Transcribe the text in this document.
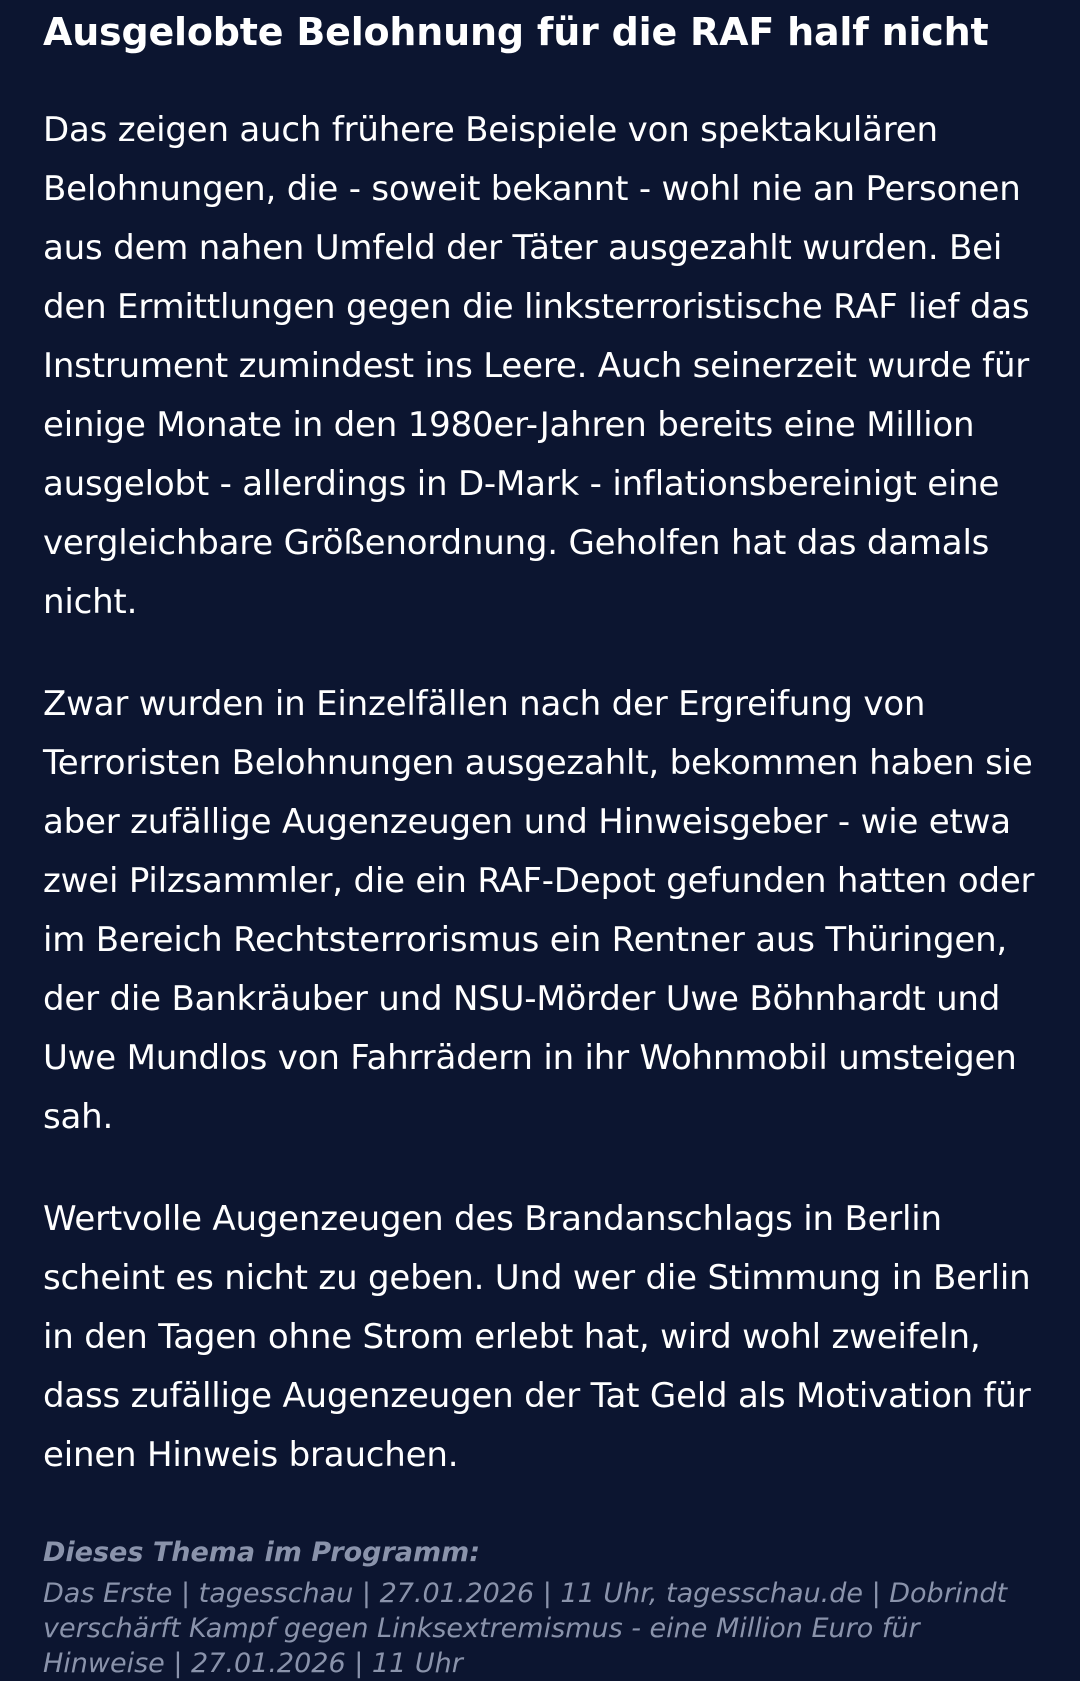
Ausgelobte Belohnung für die RAF half nicht

Das zeigen auch frühere Beispiele von spektakulären Belohnungen, die - soweit bekannt - wohl nie an Personen aus dem nahen Umfeld der Täter ausgezahlt wurden. Bei den Ermittlungen gegen die linksterroristische RAF lief das Instrument zumindest ins Leere. Auch seinerzeit wurde für einige Monate in den 1980er-Jahren bereits eine Million ausgelobt - allerdings in D-Mark - inflationsbereinigt eine vergleichbare Größenordnung. Geholfen hat das damals nicht.

Zwar wurden in Einzelfällen nach der Ergreifung von Terroristen Belohnungen ausgezahlt, bekommen haben sie aber zufällige Augenzeugen und Hinweisgeber - wie etwa zwei Pilzsammler, die ein RAF-Depot gefunden hatten oder im Bereich Rechtsterrorismus ein Rentner aus Thüringen, der die Bankräuber und NSU-Mörder Uwe Böhnhardt und Uwe Mundlos von Fahrrädern in ihr Wohnmobil umsteigen sah.

Wertvolle Augenzeugen des Brandanschlags in Berlin scheint es nicht zu geben. Und wer die Stimmung in Berlin in den Tagen ohne Strom erlebt hat, wird wohl zweifeln, dass zufällige Augenzeugen der Tat Geld als Motivation für einen Hinweis brauchen.

Dieses Thema im Programm:

Das Erste | tagesschau | 27.01.2026 | 11 Uhr, tagesschau.de | Dobrindt verschärft Kampf gegen Linksextremismus - eine Million Euro für Hinweise | 27.01.2026 | 11 Uhr
